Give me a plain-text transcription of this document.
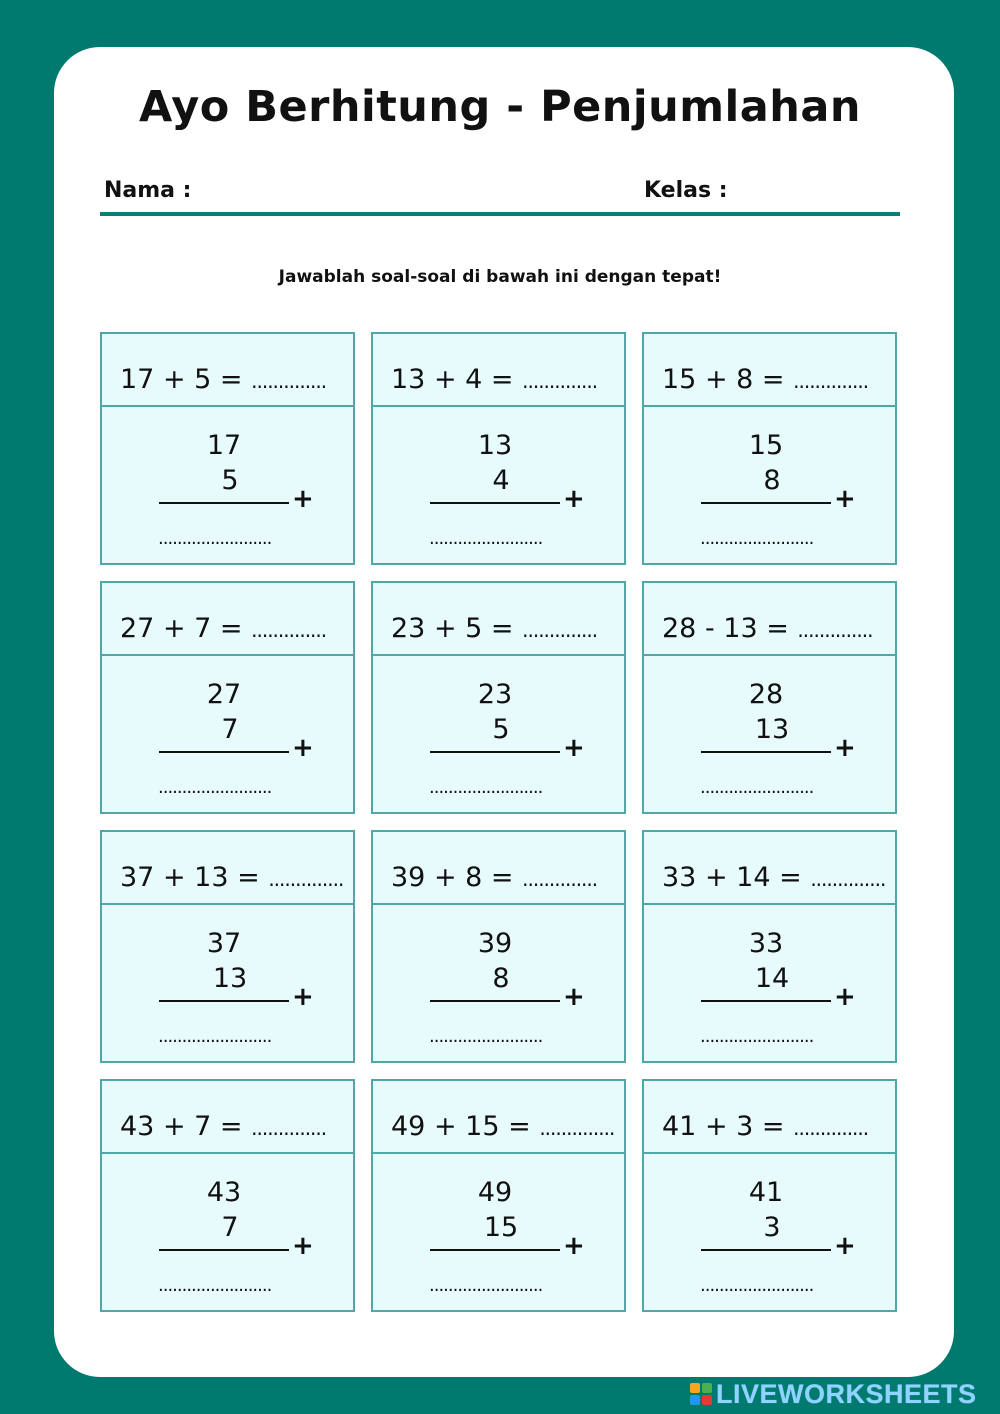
Ayo Berhitung - Penjumlahan
Nama :	Kelas :
Jawablah soal-soal di bawah ini dengan tepat!
17 + 5 = ..............
17
5
+
........................
13 + 4 = ..............
13
4
+
........................
15 + 8 = ..............
15
8
+
........................
27 + 7 = ..............
27
7
+
........................
23 + 5 = ..............
23
5
+
........................
28 - 13 = ..............
28
13
+
........................
37 + 13 = ..............
37
13
+
........................
39 + 8 = ..............
39
8
+
........................
33 + 14 = ..............
33
14
+
........................
43 + 7 = ..............
43
7
+
........................
49 + 15 = ..............
49
15
+
........................
41 + 3 = ..............
41
3
+
........................
LIVEWORKSHEETS
